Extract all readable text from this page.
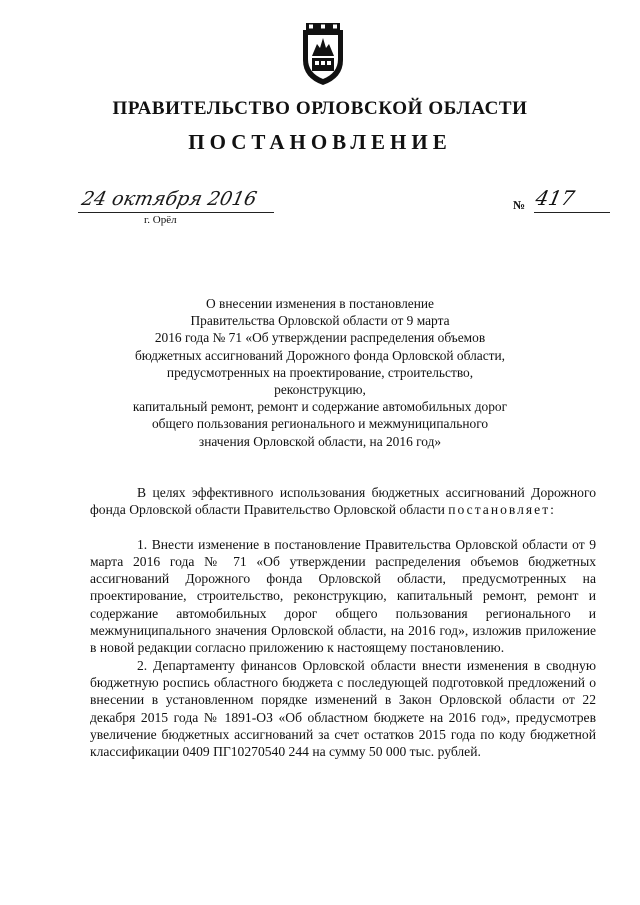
ПРАВИТЕЛЬСТВО ОРЛОВСКОЙ ОБЛАСТИ
ПОСТАНОВЛЕНИЕ
24 октября 2016
г. Орёл
№ 417
О внесении изменения в постановление
Правительства Орловской области от 9 марта
2016 года № 71 «Об утверждении распределения объемов
бюджетных ассигнований Дорожного фонда Орловской области,
предусмотренных на проектирование, строительство, реконструкцию,
капитальный ремонт, ремонт и содержание автомобильных дорог
общего пользования регионального и межмуниципального
значения Орловской области, на 2016 год»

В целях эффективного использования бюджетных ассигнований Дорожного фонда Орловской области Правительство Орловской области постановляет:

1. Внести изменение в постановление Правительства Орловской области от 9 марта 2016 года № 71 «Об утверждении распределения объемов бюджетных ассигнований Дорожного фонда Орловской области, предусмотренных на проектирование, строительство, реконструкцию, капитальный ремонт, ремонт и содержание автомобильных дорог общего пользования регионального и межмуниципального значения Орловской области, на 2016 год», изложив приложение в новой редакции согласно приложению к настоящему постановлению.

2. Департаменту финансов Орловской области внести изменения в сводную бюджетную роспись областного бюджета с последующей подготовкой предложений о внесении в установленном порядке изменений в Закон Орловской области от 22 декабря 2015 года № 1891-ОЗ «Об областном бюджете на 2016 год», предусмотрев увеличение бюджетных ассигнований за счет остатков 2015 года по коду бюджетной классификации 0409 ПГ10270540 244 на сумму 50 000 тыс. рублей.
